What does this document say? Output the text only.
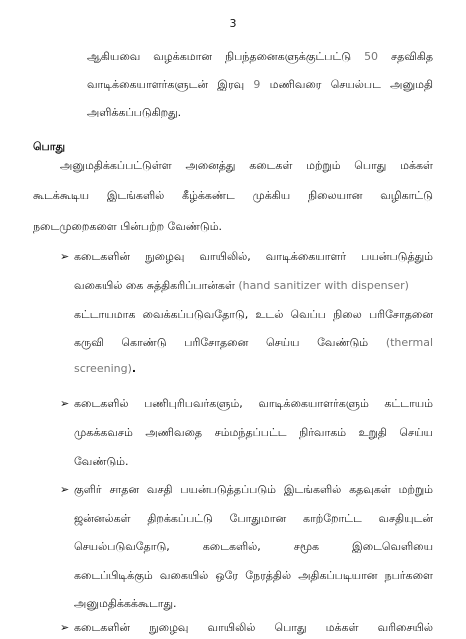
3
ஆகியவை வழக்கமான நிபந்தனைகளுக்குட்பட்டு 50 சதவிகித
வாடிக்கையாளர்களுடன் இரவு 9 மணிவரை செயல்பட அனுமதி
அளிக்கப்படுகிறது.
பொது
அனுமதிக்கப்பட்டுள்ள அனைத்து கடைகள் மற்றும் பொது மக்கள்
கூடக்கூடிய இடங்களில் கீழ்க்கண்ட முக்கிய நிலையான வழிகாட்டு
நடைமுறைகளை பின்பற்ற வேண்டும்.
➢ கடைகளின் நுழைவு வாயிலில், வாடிக்கையாளர் பயன்படுத்தும்
வகையில் கை சுத்திகரிப்பான்கள் (hand sanitizer with dispenser)
கட்டாயமாக வைக்கப்படுவதோடு, உடல் வெப்ப நிலை பரிசோதனை
கருவி கொண்டு பரிசோதனை செய்ய வேண்டும் (thermal
screening).
➢ கடைகளில் பணிபுரிபவர்களும், வாடிக்கையாளர்களும் கட்டாயம்
முகக்கவசம் அணிவதை சம்மந்தப்பட்ட நிர்வாகம் உறுதி செய்ய
வேண்டும்.
➢ குளிர் சாதன வசதி பயன்படுத்தப்படும் இடங்களில் கதவுகள் மற்றும்
ஜன்னல்கள் திறக்கப்பட்டு போதுமான காற்றோட்ட வசதியுடன்
செயல்படுவதோடு,	கடைகளில்,	சமூக	இடைவெளியை
கடைப்பிடிக்கும் வகையில் ஒரே நேரத்தில் அதிகப்படியான நபர்களை
அனுமதிக்கக்கூடாது.
➢ கடைகளின் நுழைவு வாயிலில் பொது மக்கள் வரிசையில்
